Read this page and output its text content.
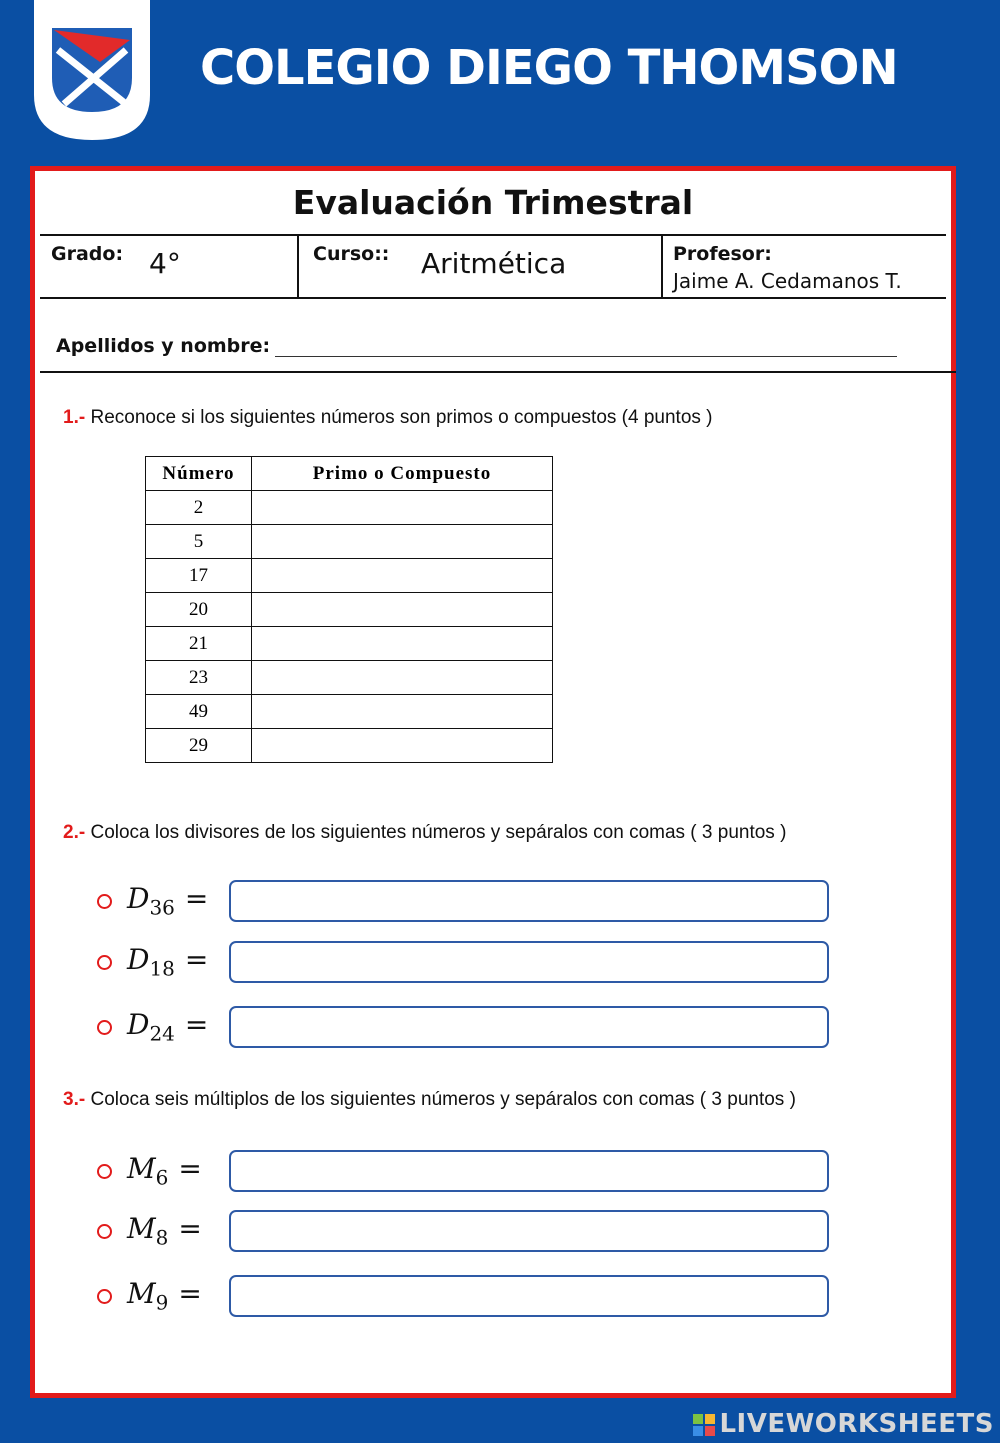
COLEGIO DIEGO THOMSON
Evaluación Trimestral
Grado: 4°	Curso:: Aritmética	Profesor:
Jaime A. Cedamanos T.
Apellidos y nombre:
1.- Reconoce si los siguientes números son primos o compuestos (4 puntos )
Número	Primo o Compuesto
2	
5	
17	
20	
21	
23	
49	
29	
2.- Coloca los divisores de los siguientes números y sepáralos con comas ( 3 puntos )
$D_{36}$ =
$D_{18}$ =
$D_{24}$ =
3.- Coloca seis múltiplos de los siguientes números y sepáralos con comas ( 3 puntos )
$M_6$ =
$M_8$ =
$M_9$ =
LIVEWORKSHEETS
